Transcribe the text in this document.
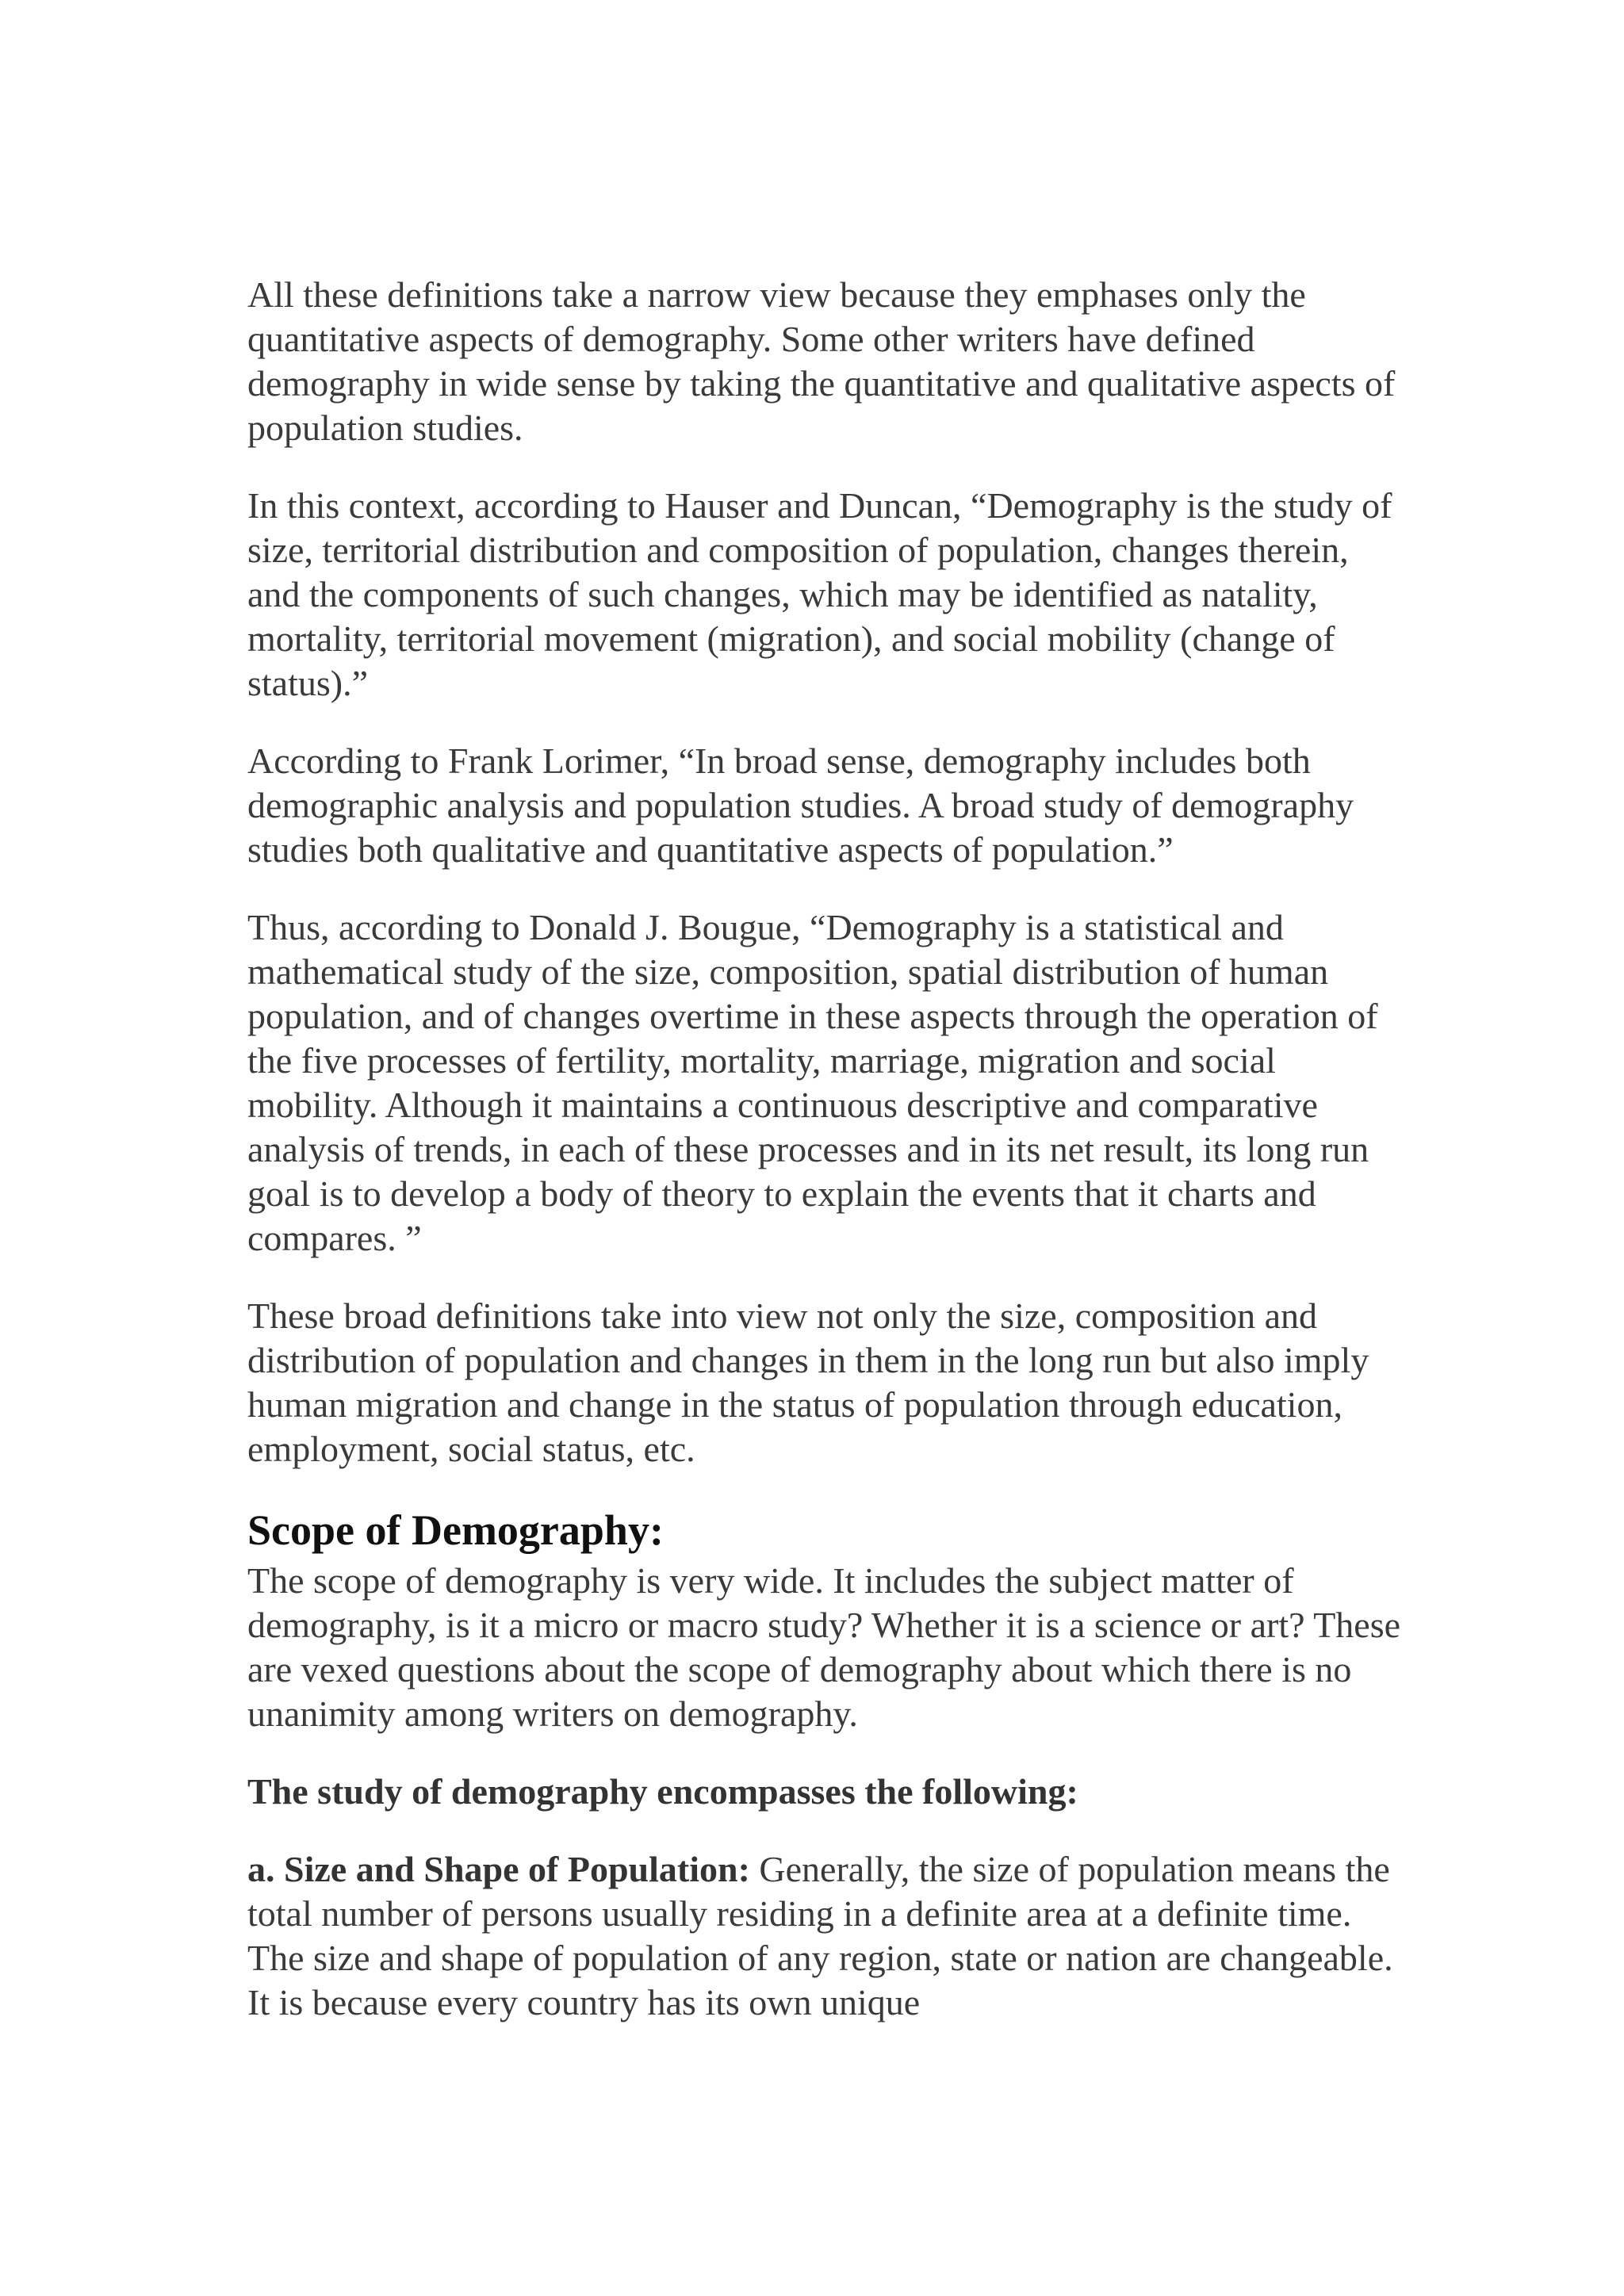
All these definitions take a narrow view because they emphases only the quantitative aspects of demography. Some other writers have defined demography in wide sense by taking the quantitative and qualitative aspects of population studies.

In this context, according to Hauser and Duncan, “Demography is the study of size, territorial distribution and composition of population, changes therein, and the components of such changes, which may be identified as natality, mortality, territorial movement (migration), and social mobility (change of status).”

According to Frank Lorimer, “In broad sense, demography includes both demographic analysis and population studies. A broad study of demography studies both qualitative and quantitative aspects of population.”

Thus, according to Donald J. Bougue, “Demography is a statistical and mathematical study of the size, composition, spatial distribution of human population, and of changes overtime in these aspects through the operation of the five processes of fertility, mortality, marriage, migration and social mobility. Although it maintains a continuous descriptive and comparative analysis of trends, in each of these processes and in its net result, its long run goal is to develop a body of theory to explain the events that it charts and compares. ”

These broad definitions take into view not only the size, composition and distribution of population and changes in them in the long run but also imply human migration and change in the status of population through education, employment, social status, etc.

Scope of Demography:

The scope of demography is very wide. It includes the subject matter of demography, is it a micro or macro study? Whether it is a science or art? These are vexed questions about the scope of demography about which there is no unanimity among writers on demography.

The study of demography encompasses the following:

a. Size and Shape of Population: Generally, the size of population means the total number of persons usually residing in a definite area at a definite time. The size and shape of population of any region, state or nation are changeable. It is because every country has its own unique
